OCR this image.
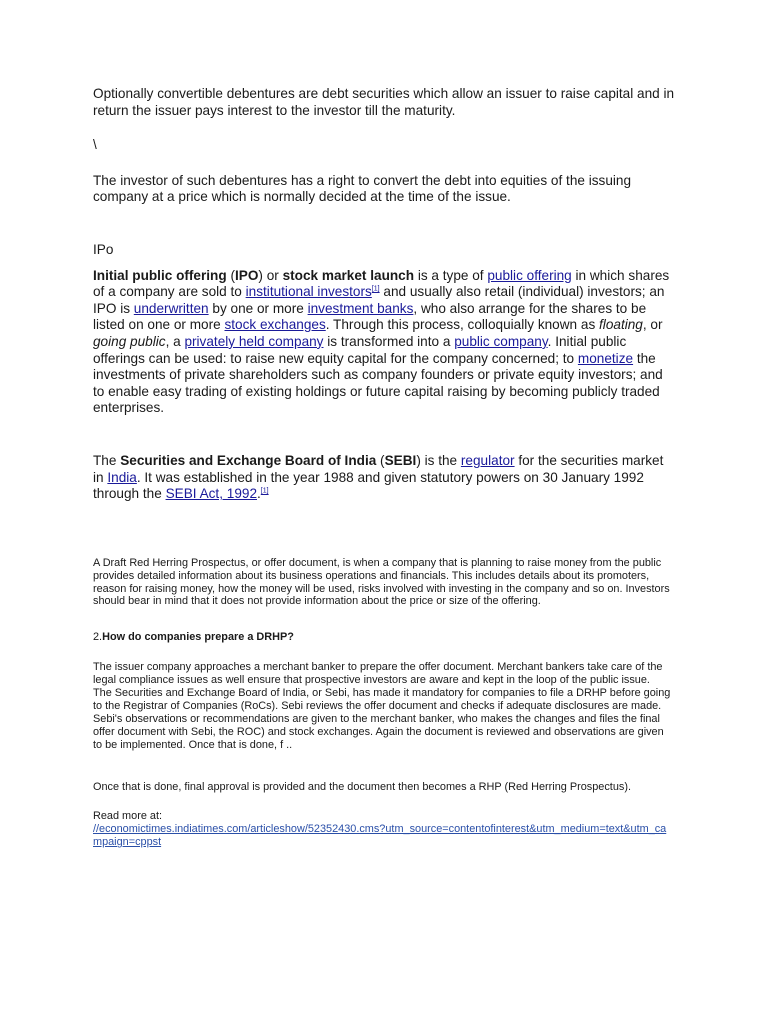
Optionally convertible debentures are debt securities which allow an issuer to raise capital and in return the issuer pays interest to the investor till the maturity.

\

The investor of such debentures has a right to convert the debt into equities of the issuing company at a price which is normally decided at the time of the issue.

IPo

Initial public offering (IPO) or stock market launch is a type of public offering in which shares of a company are sold to institutional investors[1] and usually also retail (individual) investors; an IPO is underwritten by one or more investment banks, who also arrange for the shares to be listed on one or more stock exchanges. Through this process, colloquially known as floating, or going public, a privately held company is transformed into a public company. Initial public offerings can be used: to raise new equity capital for the company concerned; to monetize the investments of private shareholders such as company founders or private equity investors; and to enable easy trading of existing holdings or future capital raising by becoming publicly traded enterprises.

The Securities and Exchange Board of India (SEBI) is the regulator for the securities market in India. It was established in the year 1988 and given statutory powers on 30 January 1992 through the SEBI Act, 1992.[1]

A Draft Red Herring Prospectus, or offer document, is when a company that is planning to raise money from the public provides detailed information about its business operations and financials. This includes details about its promoters, reason for raising money, how the money will be used, risks involved with investing in the company and so on. Investors should bear in mind that it does not provide information about the price or size of the offering.

2.How do companies prepare a DRHP?

The issuer company approaches a merchant banker to prepare the offer document. Merchant bankers take care of the legal compliance issues as well ensure that prospective investors are aware and kept in the loop of the public issue.

The Securities and Exchange Board of India, or Sebi, has made it mandatory for companies to file a DRHP before going to the Registrar of Companies (RoCs). Sebi reviews the offer document and checks if adequate disclosures are made. Sebi's observations or recommendations are given to the merchant banker, who makes the changes and files the final offer document with Sebi, the ROC) and stock exchanges. Again the document is reviewed and observations are given to be implemented. Once that is done, f ..

Once that is done, final approval is provided and the document then becomes a RHP (Red Herring Prospectus).

Read more at:

//economictimes.indiatimes.com/articleshow/52352430.cms?utm_source=contentofinterest&utm_medium=text&utm_campaign=cppst
